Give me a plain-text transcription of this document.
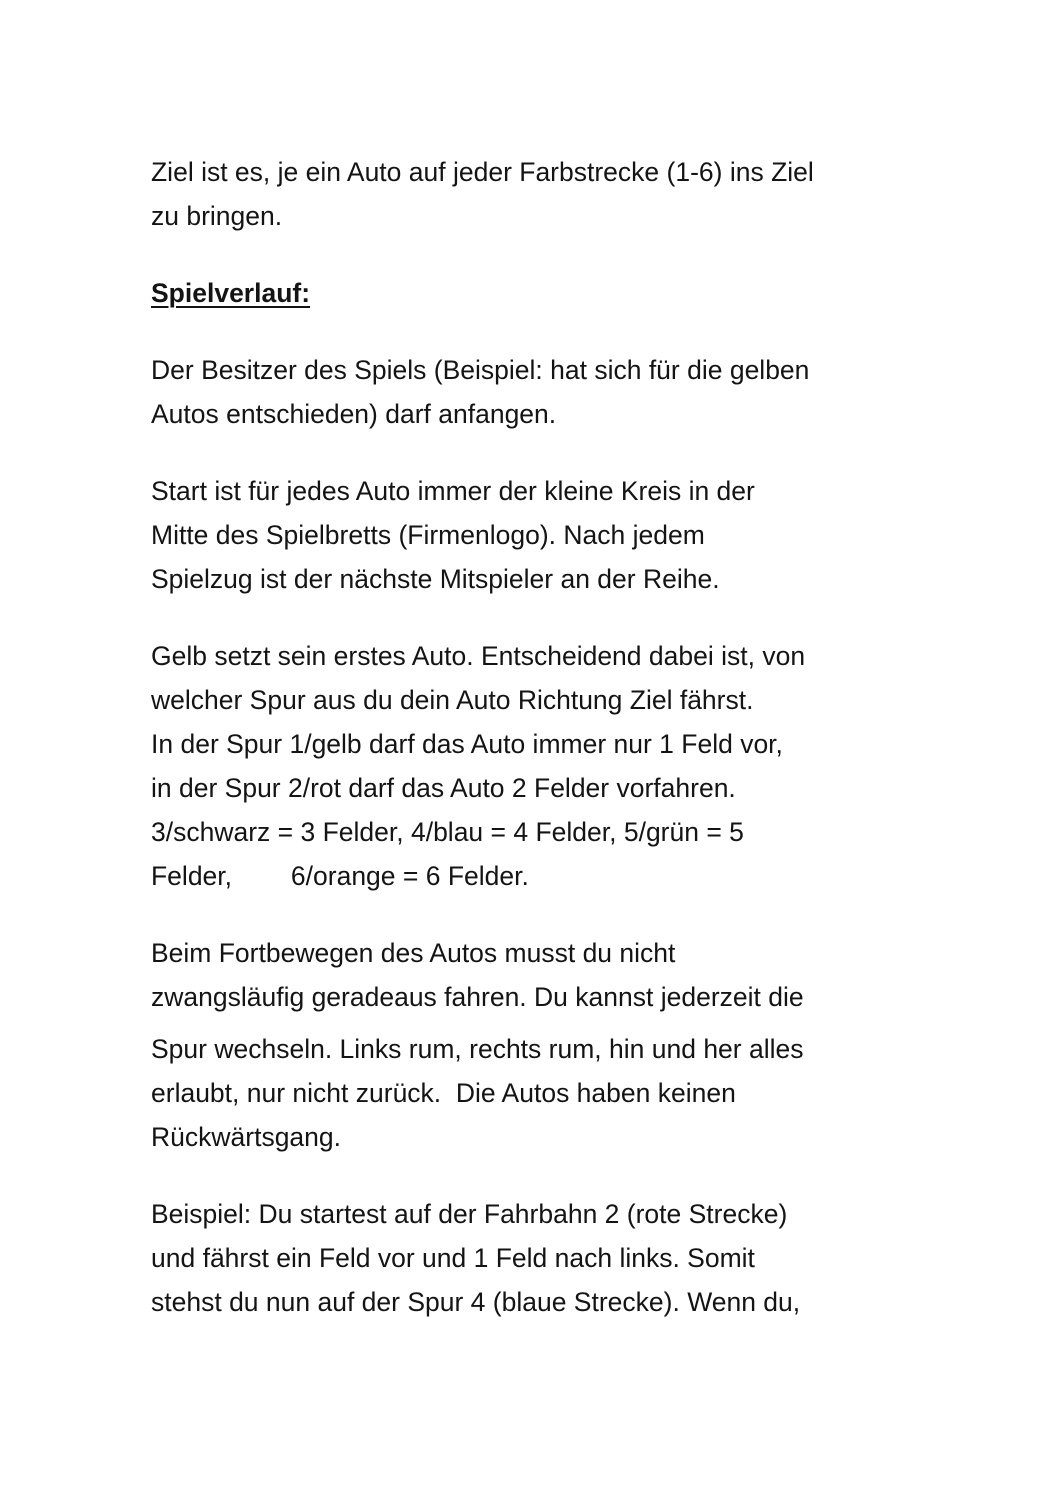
Ziel ist es, je ein Auto auf jeder Farbstrecke (1-6) ins Ziel
zu bringen.

Spielverlauf:

Der Besitzer des Spiels (Beispiel: hat sich für die gelben
Autos entschieden) darf anfangen.

Start ist für jedes Auto immer der kleine Kreis in der
Mitte des Spielbretts (Firmenlogo). Nach jedem
Spielzug ist der nächste Mitspieler an der Reihe.

Gelb setzt sein erstes Auto. Entscheidend dabei ist, von
welcher Spur aus du dein Auto Richtung Ziel fährst.
In der Spur 1/gelb darf das Auto immer nur 1 Feld vor,
in der Spur 2/rot darf das Auto 2 Felder vorfahren.
3/schwarz = 3 Felder, 4/blau = 4 Felder, 5/grün = 5
Felder,        6/orange = 6 Felder.

Beim Fortbewegen des Autos musst du nicht
zwangsläufig geradeaus fahren. Du kannst jederzeit die
Spur wechseln. Links rum, rechts rum, hin und her alles
erlaubt, nur nicht zurück.  Die Autos haben keinen
Rückwärtsgang.

Beispiel: Du startest auf der Fahrbahn 2 (rote Strecke)
und fährst ein Feld vor und 1 Feld nach links. Somit
stehst du nun auf der Spur 4 (blaue Strecke). Wenn du,
